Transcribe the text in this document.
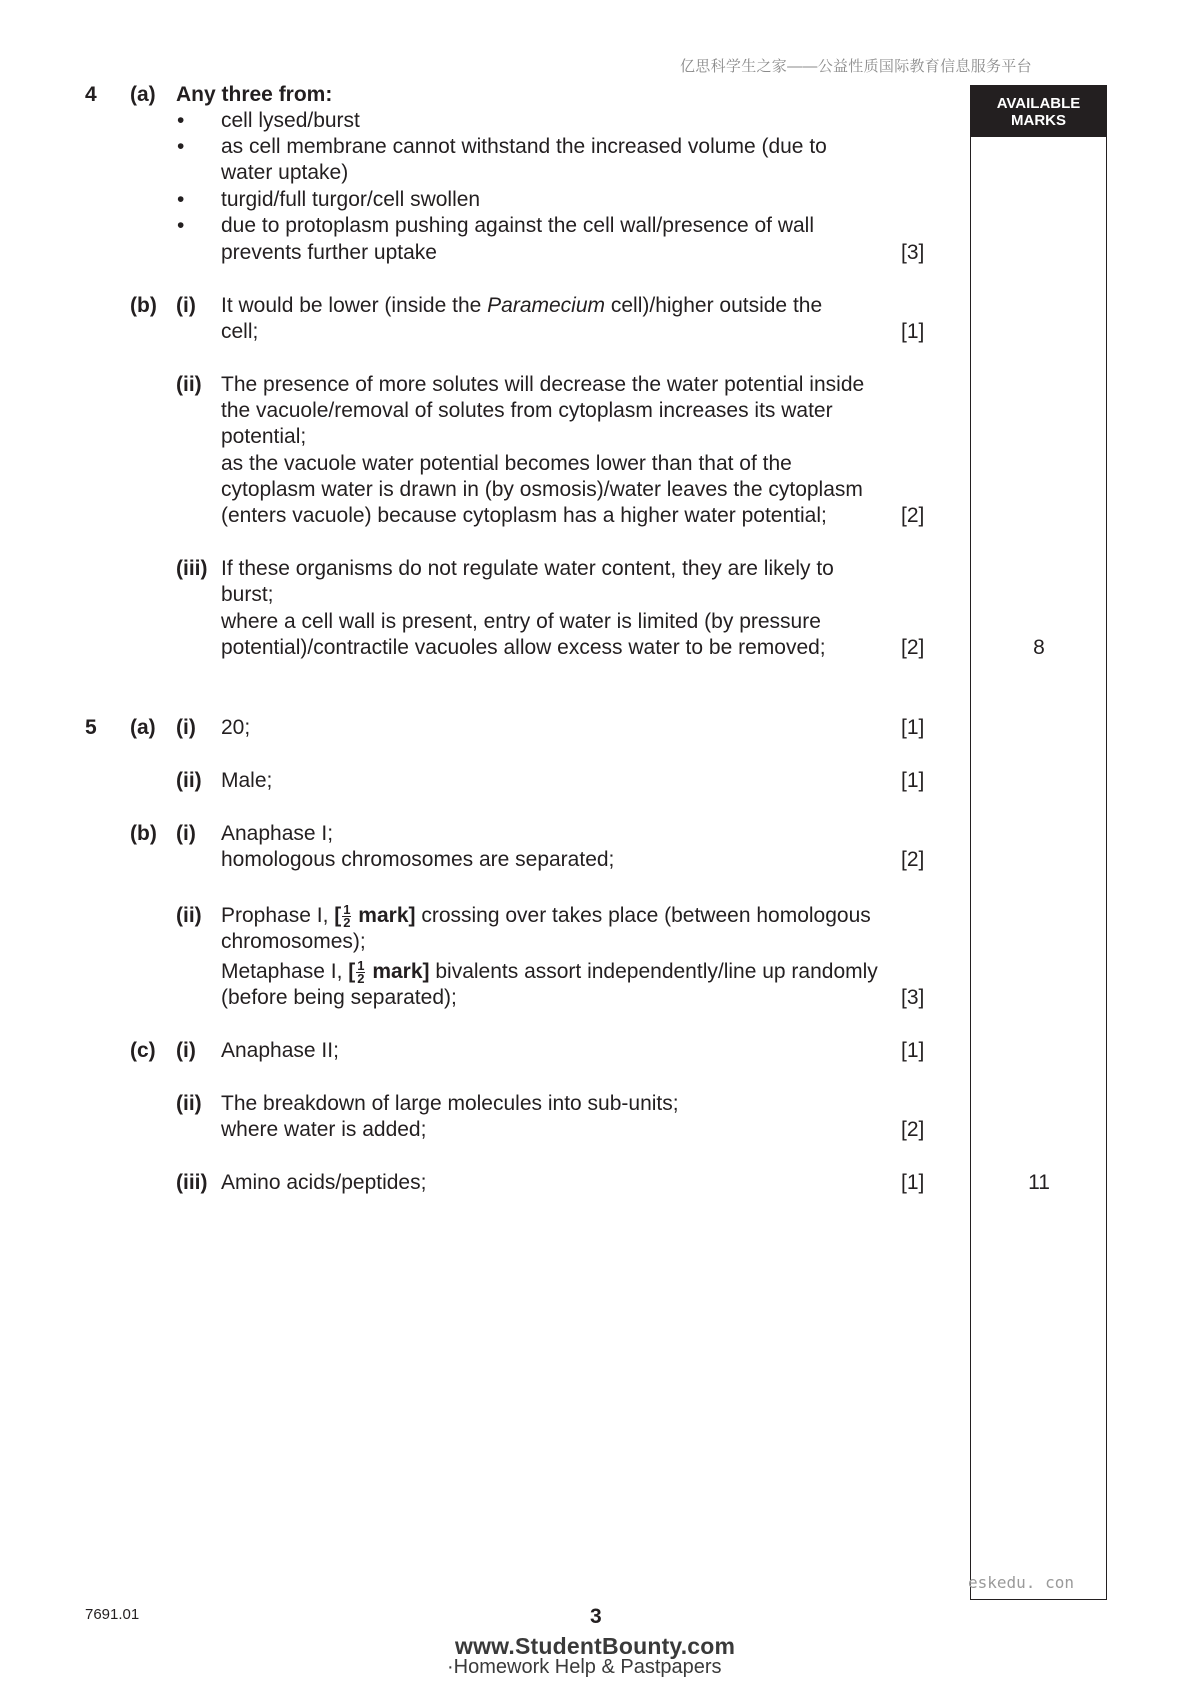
亿思科学生之家——公益性质国际教育信息服务平台
AVAILABLE
MARKS
4 (a) Any three from:
• cell lysed/burst
• as cell membrane cannot withstand the increased volume (due to
water uptake)
• turgid/full turgor/cell swollen
• due to protoplasm pushing against the cell wall/presence of wall
prevents further uptake	[3]
(b) (i) It would be lower (inside the Paramecium cell)/higher outside the
cell;	[1]
(ii) The presence of more solutes will decrease the water potential inside
the vacuole/removal of solutes from cytoplasm increases its water
potential;
as the vacuole water potential becomes lower than that of the
cytoplasm water is drawn in (by osmosis)/water leaves the cytoplasm
(enters vacuole) because cytoplasm has a higher water potential;	[2]
(iii) If these organisms do not regulate water content, they are likely to
burst;
where a cell wall is present, entry of water is limited (by pressure
potential)/contractile vacuoles allow excess water to be removed;	[2]	8
5 (a) (i) 20;	[1]
(ii) Male;	[1]
(b) (i) Anaphase I;
homologous chromosomes are separated;	[2]
(ii) Prophase I, [ $\frac{1}{2}$ mark] crossing over takes place (between homologous
chromosomes);
Metaphase I, [ $\frac{1}{2}$ mark] bivalents assort independently/line up randomly
(before being separated);	[3]
(c) (i) Anaphase II;	[1]
(ii) The breakdown of large molecules into sub-units;
where water is added;	[2]
(iii) Amino acids/peptides;	[1]	11
eskedu. con
7691.01	3
www.StudentBounty.com
·Homework Help & Pastpapers
